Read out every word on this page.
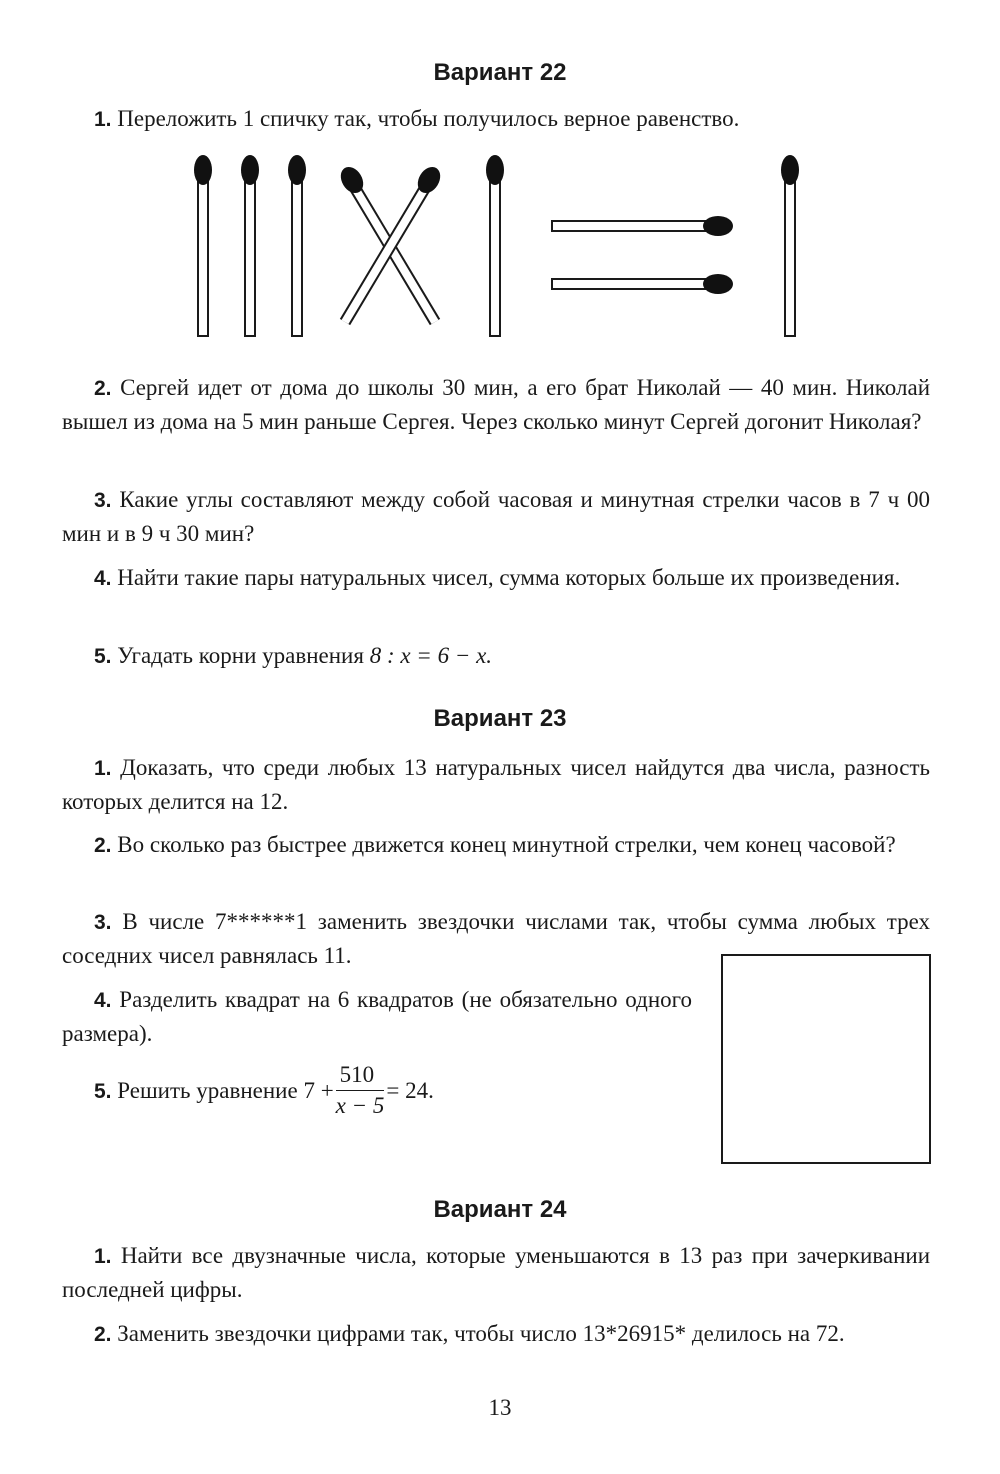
Вариант 22
1. Переложить 1 спичку так, чтобы получилось верное равенство.
2. Сергей идет от дома до школы 30 мин, а его брат Николай — 40 мин. Николай вышел из дома на 5 мин раньше Сергея. Через сколько минут Сергей догонит Николая?
3. Какие углы составляют между собой часовая и минутная стрелки часов в 7 ч 00 мин и в 9 ч 30 мин?
4. Найти такие пары натуральных чисел, сумма которых больше их произведения.
5. Угадать корни уравнения 8 : x = 6 − x.
Вариант 23
1. Доказать, что среди любых 13 натуральных чисел найдутся два числа, разность которых делится на 12.
2. Во сколько раз быстрее движется конец минутной стрелки, чем конец часовой?
3. В числе 7******1 заменить звездочки числами так, чтобы сумма любых трех соседних чисел равнялась 11.
4. Разделить квадрат на 6 квадратов (не обязательно одного размера).
5. Решить уравнение $7 + \frac{510}{x - 5} = 24$.
Вариант 24
1. Найти все двузначные числа, которые уменьшаются в 13 раз при зачеркивании последней цифры.
2. Заменить звездочки цифрами так, чтобы число 13*26915* делилось на 72.
13
